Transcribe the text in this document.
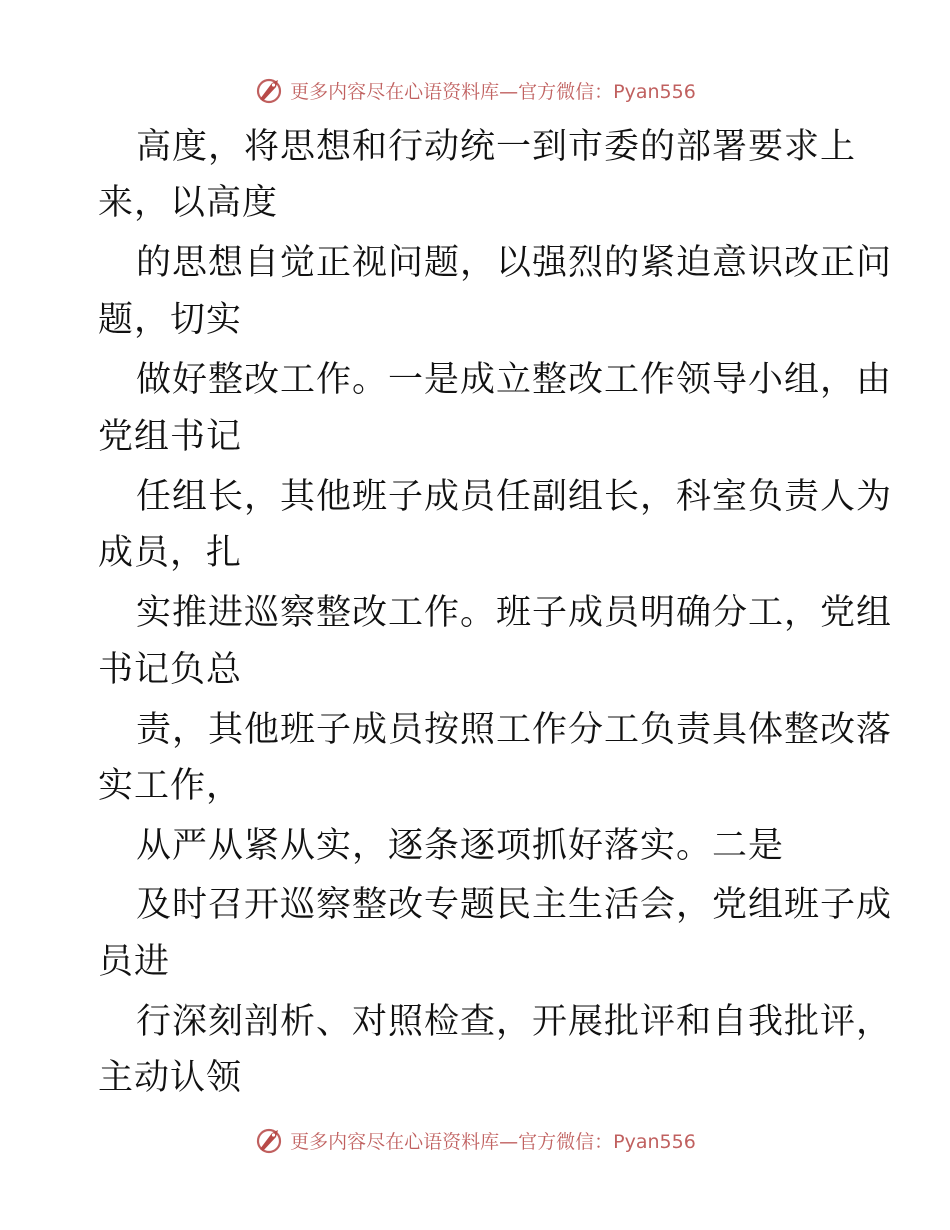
更多内容尽在心语资料库—官方微信：Pyan556
高度，将思想和行动统一到市委的部署要求上
来，以高度
的思想自觉正视问题，以强烈的紧迫意识改正问
题，切实
做好整改工作。一是成立整改工作领导小组，由
党组书记
任组长，其他班子成员任副组长，科室负责人为
成员，扎
实推进巡察整改工作。班子成员明确分工，党组
书记负总
责，其他班子成员按照工作分工负责具体整改落
实工作，
从严从紧从实，逐条逐项抓好落实。二是
及时召开巡察整改专题民主生活会，党组班子成
员进
行深刻剖析、对照检查，开展批评和自我批评，
主动认领
更多内容尽在心语资料库—官方微信：Pyan556
